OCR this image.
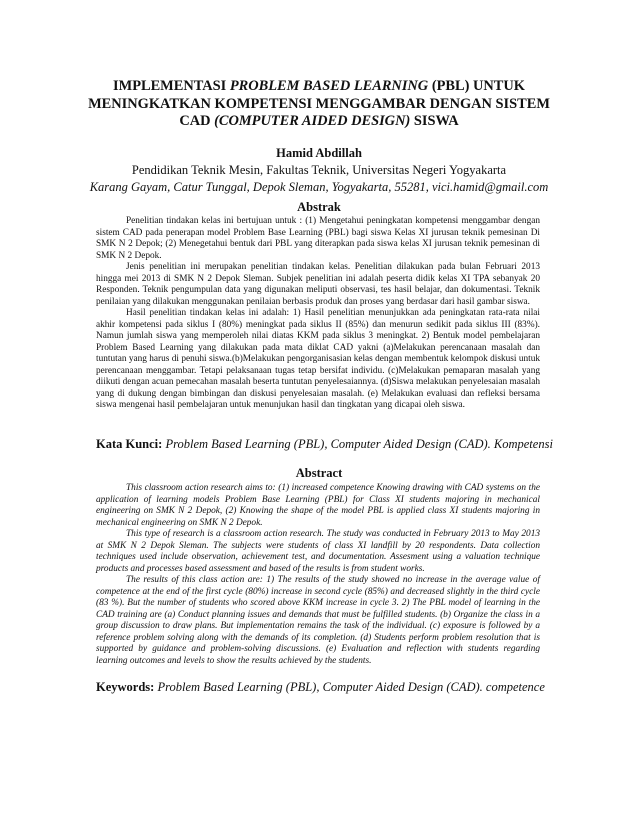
IMPLEMENTASI PROBLEM BASED LEARNING (PBL) UNTUK
MENINGKATKAN KOMPETENSI MENGGAMBAR DENGAN SISTEM
CAD (COMPUTER AIDED DESIGN) SISWA
Hamid Abdillah
Pendidikan Teknik Mesin, Fakultas Teknik, Universitas Negeri Yogyakarta
Karang Gayam, Catur Tunggal, Depok Sleman, Yogyakarta, 55281, vici.hamid@gmail.com
Abstrak

Penelitian tindakan kelas ini bertujuan untuk : (1) Mengetahui peningkatan kompetensi menggambar dengan sistem CAD pada penerapan model Problem Base Learning (PBL) bagi siswa Kelas XI jurusan teknik pemesinan Di SMK N 2 Depok; (2) Menegetahui bentuk dari PBL yang diterapkan pada siswa kelas XI jurusan teknik pemesinan di SMK N 2 Depok.

Jenis penelitian ini merupakan penelitian tindakan kelas. Penelitian dilakukan pada bulan Februari 2013 hingga mei 2013 di SMK N 2 Depok Sleman. Subjek penelitian ini adalah peserta didik kelas XI TPA sebanyak 20 Responden. Teknik pengumpulan data yang digunakan meliputi observasi, tes hasil belajar, dan dokumentasi. Teknik penilaian yang dilakukan menggunakan penilaian berbasis produk dan proses yang berdasar dari hasil gambar siswa.

Hasil penelitian tindakan kelas ini adalah: 1) Hasil penelitian menunjukkan ada peningkatan rata-rata nilai akhir kompetensi pada siklus I (80%) meningkat pada siklus II (85%) dan menurun sedikit pada siklus III (83%). Namun jumlah siswa yang memperoleh nilai diatas KKM pada siklus 3 meningkat. 2) Bentuk model pembelajaran Problem Based Learning yang dilakukan pada mata diklat CAD yakni (a)Melakukan perencanaan masalah dan tuntutan yang harus di penuhi siswa.(b)Melakukan pengorganisasian kelas dengan membentuk kelompok diskusi untuk perencanaan menggambar. Tetapi pelaksanaan tugas tetap bersifat individu. (c)Melakukan pemaparan masalah yang diikuti dengan acuan pemecahan masalah beserta tuntutan penyelesaiannya. (d)Siswa melakukan penyelesaian masalah yang di dukung dengan bimbingan dan diskusi penyelesaian masalah. (e) Melakukan evaluasi dan refleksi bersama siswa mengenai hasil pembelajaran untuk menunjukan hasil dan tingkatan yang dicapai oleh siswa.

Kata Kunci: Problem Based Learning (PBL), Computer Aided Design (CAD). Kompetensi
Abstract

This classroom action research aims to: (1) increased competence Knowing drawing with CAD systems on the application of learning models Problem Base Learning (PBL) for Class XI students majoring in mechanical engineering on SMK N 2 Depok, (2) Knowing the shape of the model PBL is applied class XI students majoring in mechanical engineering on SMK N 2 Depok.

This type of research is a classroom action research. The study was conducted in February 2013 to May 2013 at SMK N 2 Depok Sleman. The subjects were students of class XI landfill by 20 respondents. Data collection techniques used include observation, achievement test, and documentation. Assesment using a valuation technique products and processes based assessment and based of the results is from student works.

The results of this class action are: 1) The results of the study showed no increase in the average value of competence at the end of the first cycle (80%) increase in second cycle (85%) and decreased slightly in the third cycle (83 %). But the number of students who scored above KKM increase in cycle 3. 2) The PBL model of learning in the CAD training are (a) Conduct planning issues and demands that must be fulfilled students. (b) Organize the class in a group discussion to draw plans. But implementation remains the task of the individual. (c) exposure is followed by a reference problem solving along with the demands of its completion. (d) Students perform problem resolution that is supported by guidance and problem-solving discussions. (e) Evaluation and reflection with students regarding learning outcomes and levels to show the results achieved by the students.

Keywords: Problem Based Learning (PBL), Computer Aided Design (CAD). competence
